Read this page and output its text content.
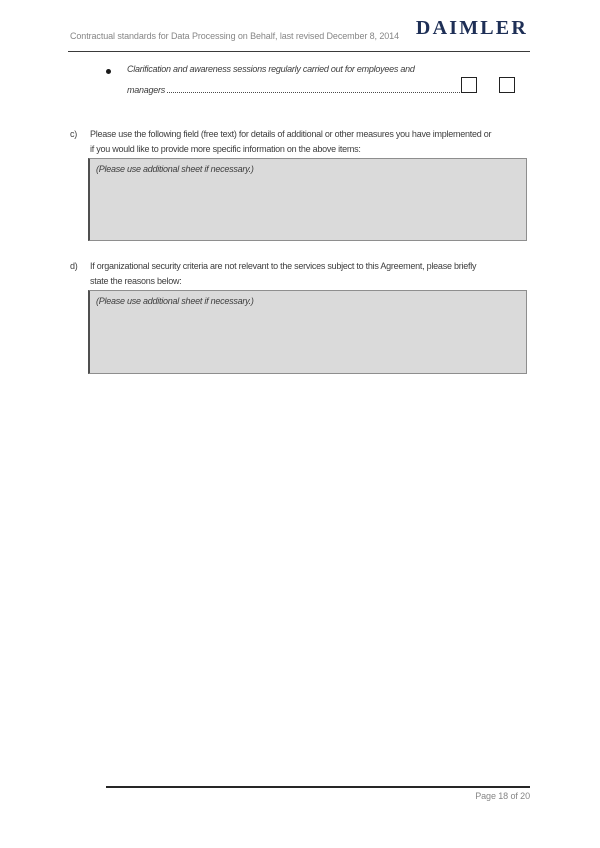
Contractual standards for Data Processing on Behalf, last revised December 8, 2014 DAIMLER
Clarification and awareness sessions regularly carried out for employees and
managers
c) Please use the following field (free text) for details of additional or other measures you have implemented or
if you would like to provide more specific information on the above items:
(Please use additional sheet if necessary.)
d) If organizational security criteria are not relevant to the services subject to this Agreement, please briefly
state the reasons below:
(Please use additional sheet if necessary.)
Page 18 of 20
